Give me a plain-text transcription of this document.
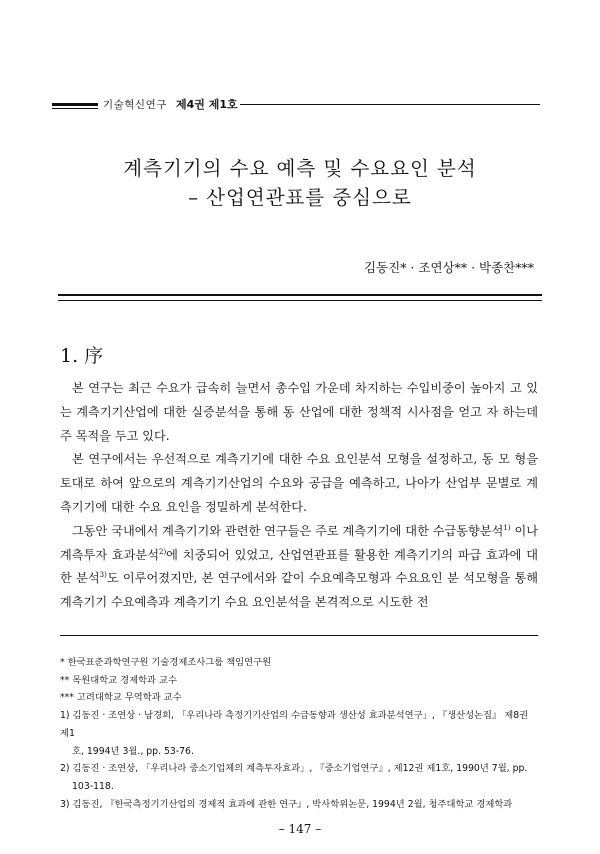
기술혁신연구 제4권 제1호
계측기기의 수요 예측 및 수요요인 분석
– 산업연관표를 중심으로
김동진* · 조연상** · 박종찬***
1. 序

본 연구는 최근 수요가 급속히 늘면서 총수입 가운데 차지하는 수입비중이 높아지 고 있는 계측기기산업에 대한 실증분석을 통해 동 산업에 대한 정책적 시사점을 얻고 자 하는데 주 목적을 두고 있다.

본 연구에서는 우선적으로 계측기기에 대한 수요 요인분석 모형을 설정하고, 동 모 형을 토대로 하여 앞으로의 계측기기산업의 수요와 공급을 예측하고, 나아가 산업부 문별로 계측기기에 대한 수요 요인을 정밀하게 분석한다.

그동안 국내에서 계측기기와 관련한 연구들은 주로 계측기기에 대한 수급동향분석$^{1)}$ 이나 계측투자 효과분석$^{2)}$에 치중되어 있었고, 산업연관표를 활용한 계측기기의 파급 효과에 대한 분석$^{3)}$도 이루어졌지만, 본 연구에서와 같이 수요예측모형과 수요요인 분 석모형을 통해 계측기기 수요예측과 계측기기 수요 요인분석을 본격적으로 시도한 전

* 한국표준과학연구원 기술경제조사그룹 책임연구원
** 목원대학교 경제학과 교수
*** 고려대학교 무역학과 교수
1) 김동진 · 조연상 · 남경희, 「우리나라 측정기기산업의 수급동향과 생산성 효과분석연구」, 『생산성논집』 제8권 제1
호, 1994년 3월., pp. 53-76.
2) 김동진 · 조연상, 「우리나라 중소기업체의 계측투자효과」, 『중소기업연구』, 제12권 제1호, 1990년 7월, pp.
103-118.
3) 김동진, 『한국측정기기산업의 경제적 효과에 관한 연구』, 박사학위논문, 1994년 2월, 청주대학교 경제학과
– 147 –
